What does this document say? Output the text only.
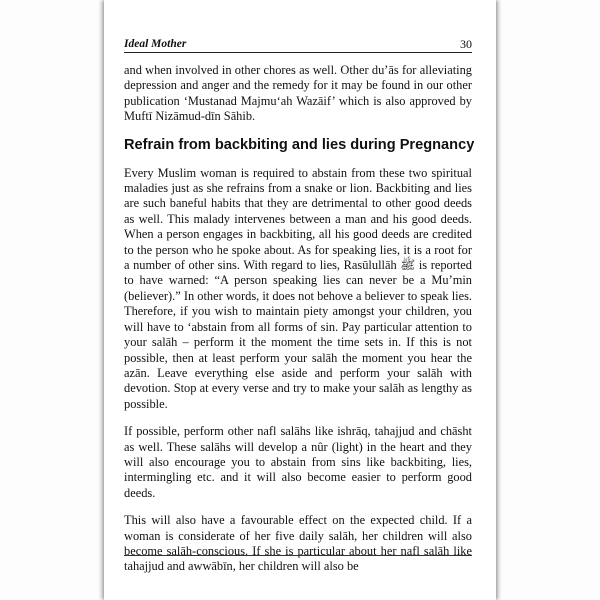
Ideal Mother	30

and when involved in other chores as well. Other du’ās for alleviating depression and anger and the remedy for it may be found in our other publication ‘Mustanad Majmu‘ah Wazāif’ which is also approved by Muftī Nizāmud-dīn Sāhib.

Refrain from backbiting and lies during Pregnancy

Every Muslim woman is required to abstain from these two spiritual maladies just as she refrains from a snake or lion. Backbiting and lies are such baneful habits that they are detrimental to other good deeds as well. This malady intervenes between a man and his good deeds. When a person engages in backbiting, all his good deeds are credited to the person who he spoke about. As for speaking lies, it is a root for a number of other sins. With regard to lies, Rasūlullāh ﷺ is reported to have warned: “A person speaking lies can never be a Mu’min (believer).” In other words, it does not behove a believer to speak lies. Therefore, if you wish to maintain piety amongst your children, you will have to ‘abstain from all forms of sin. Pay particular attention to your salāh – perform it the moment the time sets in. If this is not possible, then at least perform your salāh the moment you hear the azān. Leave everything else aside and perform your salāh with devotion. Stop at every verse and try to make your salāh as lengthy as possible.

If possible, perform other nafl salāhs like ishrāq, tahajjud and chāsht as well. These salāhs will develop a nûr (light) in the heart and they will also encourage you to abstain from sins like backbiting, lies, intermingling etc. and it will also become easier to perform good deeds.

This will also have a favourable effect on the expected child. If a woman is considerate of her five daily salāh, her children will also become salāh-conscious. If she is particular about her nafl salāh like tahajjud and awwābīn, her children will also be
